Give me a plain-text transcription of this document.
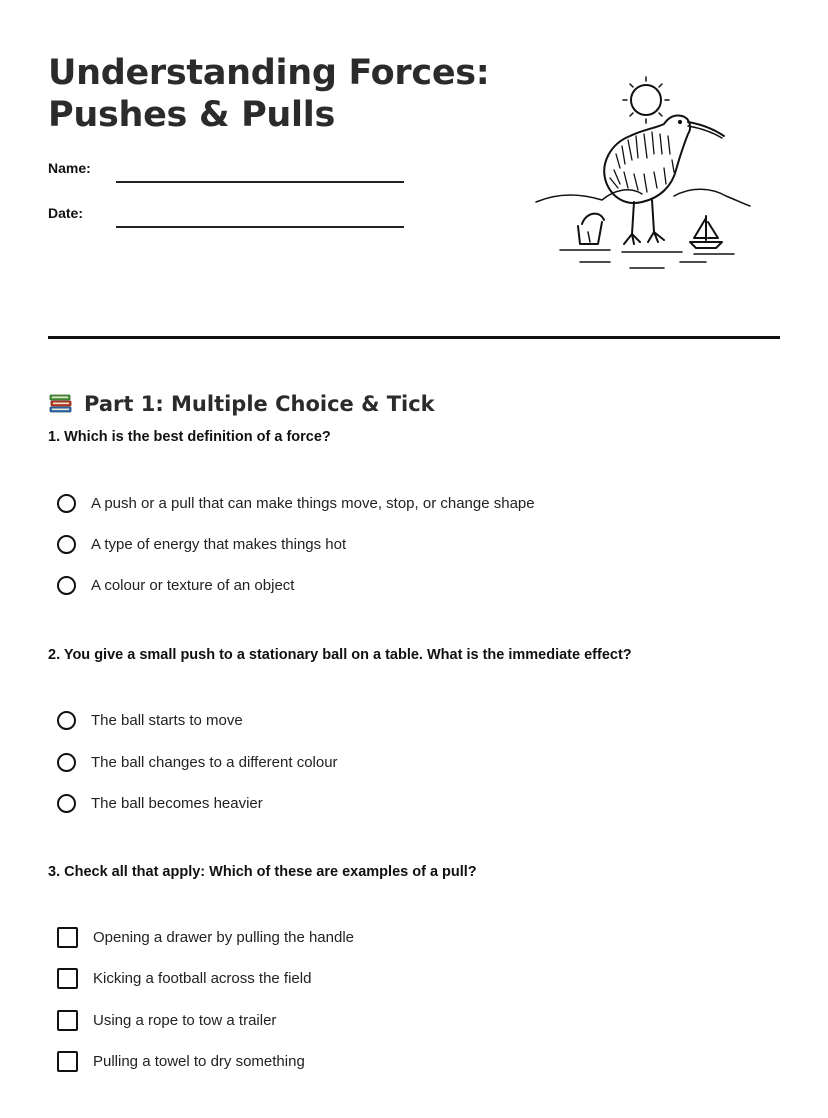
Understanding Forces:
Pushes & Pulls
Name:
Date:
Part 1: Multiple Choice & Tick
1. Which is the best definition of a force?
A push or a pull that can make things move, stop, or change shape
A type of energy that makes things hot
A colour or texture of an object
2. You give a small push to a stationary ball on a table. What is the immediate effect?
The ball starts to move
The ball changes to a different colour
The ball becomes heavier
3. Check all that apply: Which of these are examples of a pull?
Opening a drawer by pulling the handle
Kicking a football across the field
Using a rope to tow a trailer
Pulling a towel to dry something
